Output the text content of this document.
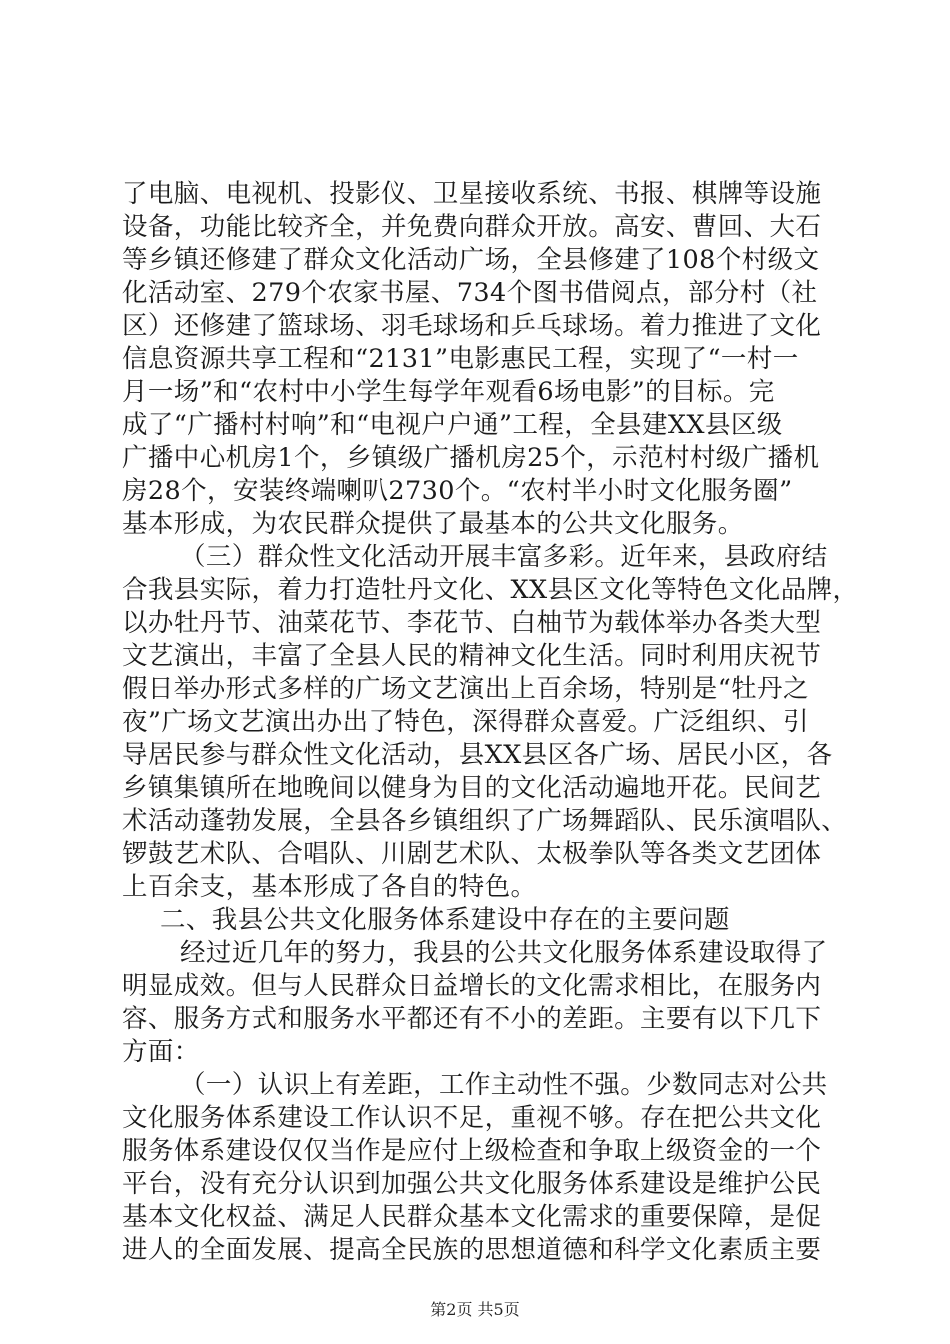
了电脑、电视机、投影仪、卫星接收系统、书报、棋牌等设施
设备，功能比较齐全，并免费向群众开放。高安、曹回、大石
等乡镇还修建了群众文化活动广场，全县修建了108个村级文
化活动室、279个农家书屋、734个图书借阅点，部分村（社
区）还修建了篮球场、羽毛球场和乒乓球场。着力推进了文化
信息资源共享工程和“2131”电影惠民工程，实现了“一村一
月一场”和“农村中小学生每学年观看6场电影”的目标。完
成了“广播村村响”和“电视户户通”工程，全县建XX县区级
广播中心机房1个，乡镇级广播机房25个，示范村村级广播机
房28个，安装终端喇叭2730个。“农村半小时文化服务圈”
基本形成，为农民群众提供了最基本的公共文化服务。
（三）群众性文化活动开展丰富多彩。近年来，县政府结
合我县实际，着力打造牡丹文化、XX县区文化等特色文化品牌，
以办牡丹节、油菜花节、李花节、白柚节为载体举办各类大型
文艺演出，丰富了全县人民的精神文化生活。同时利用庆祝节
假日举办形式多样的广场文艺演出上百余场，特别是“牡丹之
夜”广场文艺演出办出了特色，深得群众喜爱。广泛组织、引
导居民参与群众性文化活动，县XX县区各广场、居民小区，各
乡镇集镇所在地晚间以健身为目的文化活动遍地开花。民间艺
术活动蓬勃发展，全县各乡镇组织了广场舞蹈队、民乐演唱队、
锣鼓艺术队、合唱队、川剧艺术队、太极拳队等各类文艺团体
上百余支，基本形成了各自的特色。
二、我县公共文化服务体系建设中存在的主要问题
经过近几年的努力，我县的公共文化服务体系建设取得了
明显成效。但与人民群众日益增长的文化需求相比，在服务内
容、服务方式和服务水平都还有不小的差距。主要有以下几下
方面：
（一）认识上有差距，工作主动性不强。少数同志对公共
文化服务体系建设工作认识不足，重视不够。存在把公共文化
服务体系建设仅仅当作是应付上级检查和争取上级资金的一个
平台，没有充分认识到加强公共文化服务体系建设是维护公民
基本文化权益、满足人民群众基本文化需求的重要保障，是促
进人的全面发展、提高全民族的思想道德和科学文化素质主要
第2页 共5页
